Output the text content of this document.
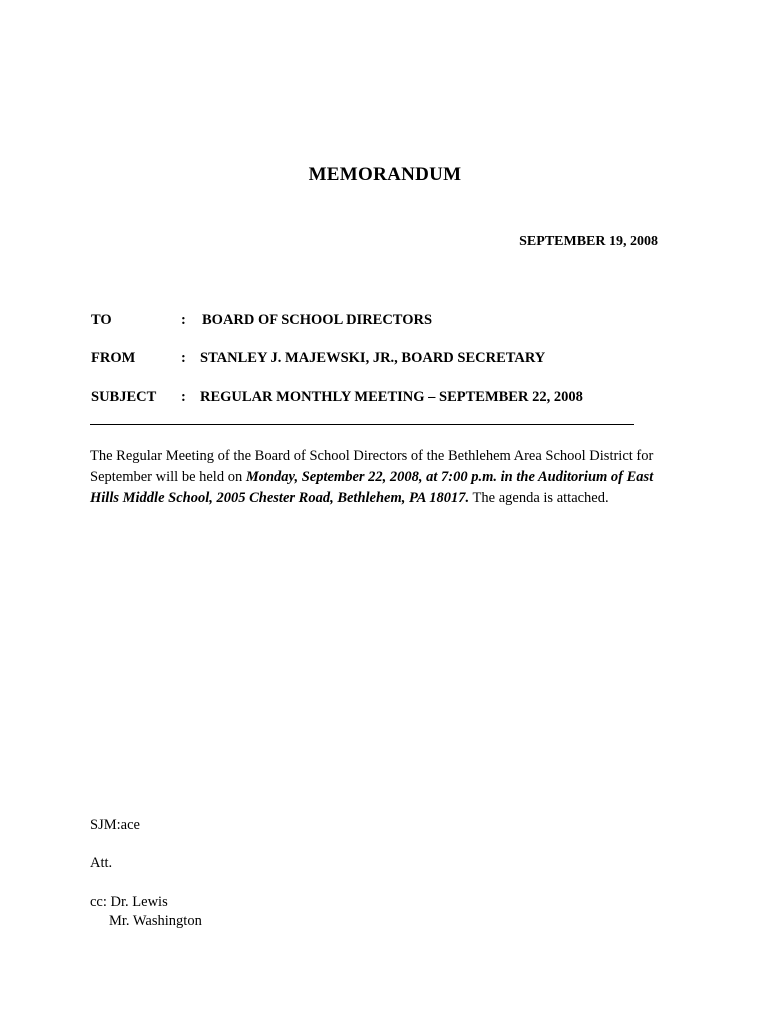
MEMORANDUM
SEPTEMBER 19, 2008
TO	: BOARD OF SCHOOL DIRECTORS
FROM	: STANLEY J. MAJEWSKI, JR., BOARD SECRETARY
SUBJECT : REGULAR MONTHLY MEETING – SEPTEMBER 22, 2008
The Regular Meeting of the Board of School Directors of the Bethlehem Area School District for
September will be held on Monday, September 22, 2008, at 7:00 p.m. in the Auditorium of East
Hills Middle School, 2005 Chester Road, Bethlehem, PA 18017. The agenda is attached.
SJM:ace
Att.
cc: Dr. Lewis
Mr. Washington
